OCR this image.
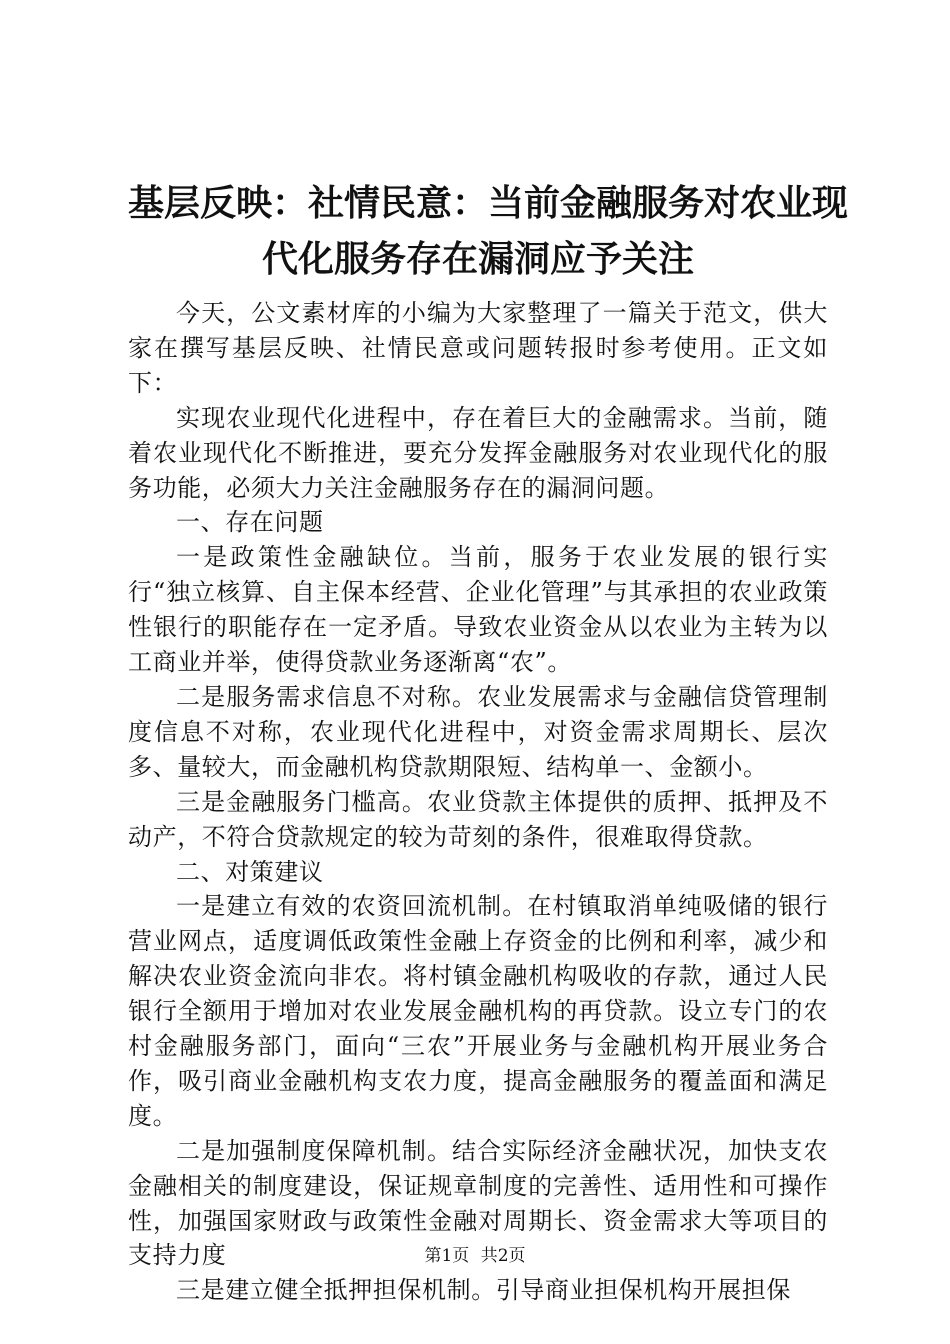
基层反映：社情民意：当前金融服务对农业现
代化服务存在漏洞应予关注

今天，公文素材库的小编为大家整理了一篇关于范文，供大家在撰写基层反映、社情民意或问题转报时参考使用。正文如下：

实现农业现代化进程中，存在着巨大的金融需求。当前，随着农业现代化不断推进，要充分发挥金融服务对农业现代化的服务功能，必须大力关注金融服务存在的漏洞问题。

一、存在问题

一是政策性金融缺位。当前，服务于农业发展的银行实行“独立核算、自主保本经营、企业化管理”与其承担的农业政策性银行的职能存在一定矛盾。导致农业资金从以农业为主转为以工商业并举，使得贷款业务逐渐离“农”。

二是服务需求信息不对称。农业发展需求与金融信贷管理制度信息不对称，农业现代化进程中，对资金需求周期长、层次多、量较大，而金融机构贷款期限短、结构单一、金额小。

三是金融服务门槛高。农业贷款主体提供的质押、抵押及不动产，不符合贷款规定的较为苛刻的条件，很难取得贷款。

二、对策建议

一是建立有效的农资回流机制。在村镇取消单纯吸储的银行营业网点，适度调低政策性金融上存资金的比例和利率，减少和解决农业资金流向非农。将村镇金融机构吸收的存款，通过人民银行全额用于增加对农业发展金融机构的再贷款。设立专门的农村金融服务部门，面向“三农”开展业务与金融机构开展业务合作，吸引商业金融机构支农力度，提高金融服务的覆盖面和满足度。

二是加强制度保障机制。结合实际经济金融状况，加快支农金融相关的制度建设，保证规章制度的完善性、适用性和可操作性，加强国家财政与政策性金融对周期长、资金需求大等项目的支持力度

三是建立健全抵押担保机制。引导商业担保机构开展担保

第1页 共2页
